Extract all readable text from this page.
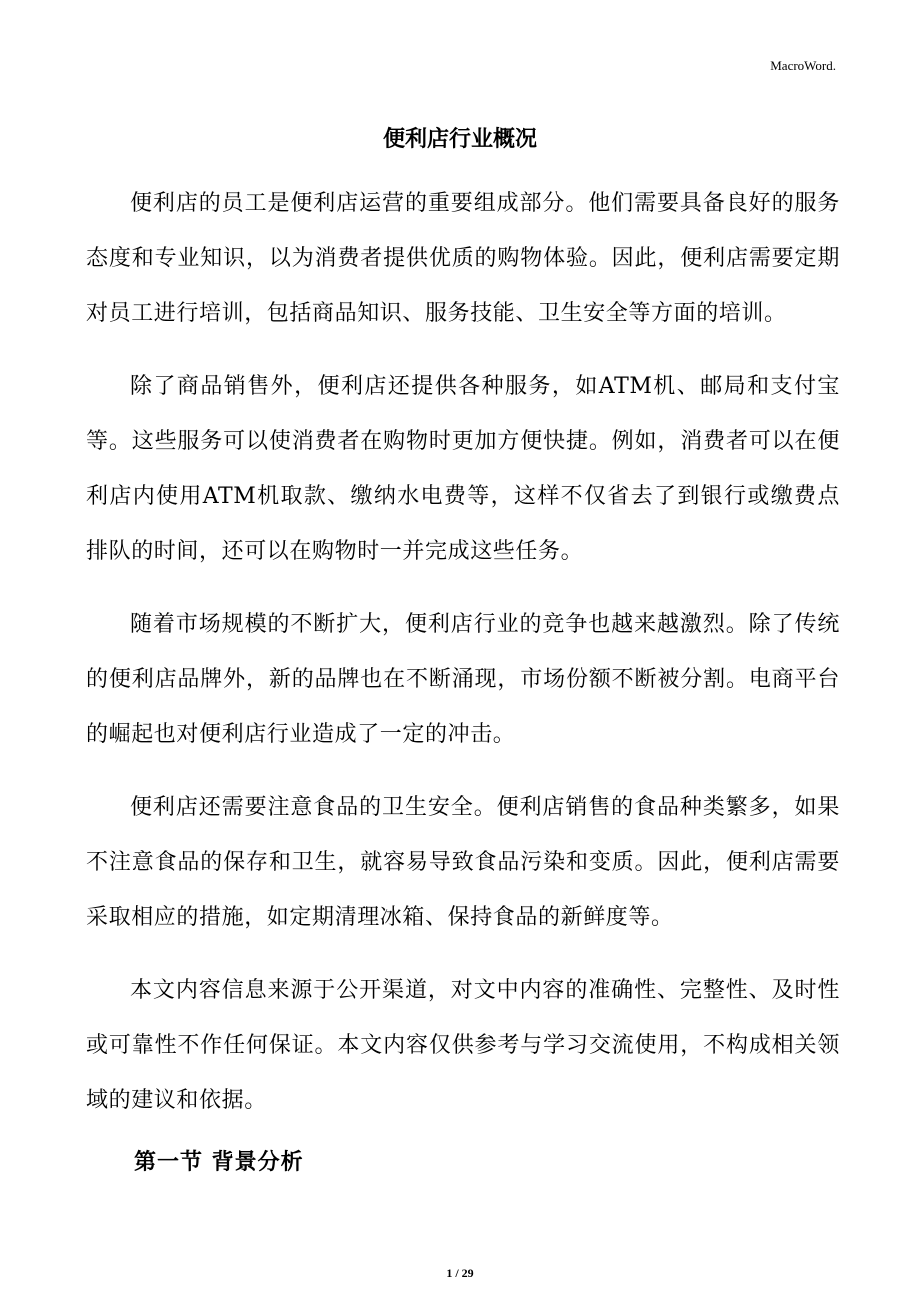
MacroWord.
便利店行业概况

便利店的员工是便利店运营的重要组成部分。他们需要具备良好的服务态度和专业知识，以为消费者提供优质的购物体验。因此，便利店需要定期对员工进行培训，包括商品知识、服务技能、卫生安全等方面的培训。

除了商品销售外，便利店还提供各种服务，如ATM机、邮局和支付宝等。这些服务可以使消费者在购物时更加方便快捷。例如，消费者可以在便利店内使用ATM机取款、缴纳水电费等，这样不仅省去了到银行或缴费点排队的时间，还可以在购物时一并完成这些任务。

随着市场规模的不断扩大，便利店行业的竞争也越来越激烈。除了传统的便利店品牌外，新的品牌也在不断涌现，市场份额不断被分割。电商平台的崛起也对便利店行业造成了一定的冲击。

便利店还需要注意食品的卫生安全。便利店销售的食品种类繁多，如果不注意食品的保存和卫生，就容易导致食品污染和变质。因此，便利店需要采取相应的措施，如定期清理冰箱、保持食品的新鲜度等。

本文内容信息来源于公开渠道，对文中内容的准确性、完整性、及时性或可靠性不作任何保证。本文内容仅供参考与学习交流使用，不构成相关领域的建议和依据。

第一节 背景分析
1 / 29
